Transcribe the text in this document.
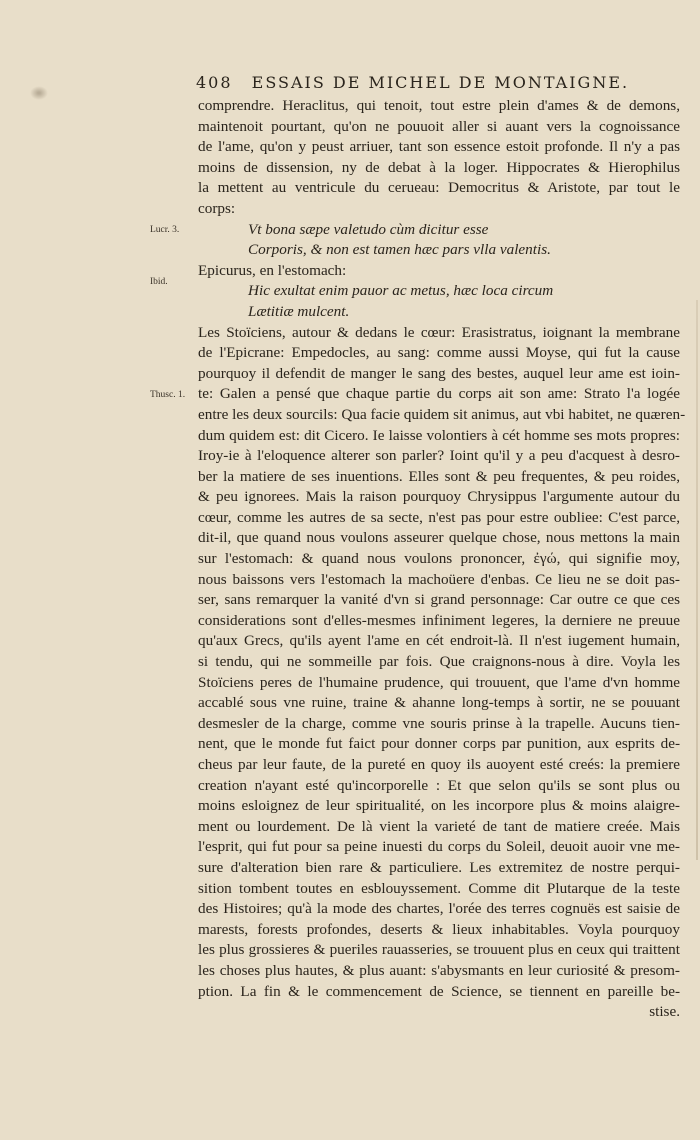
408 ESSAIS DE MICHEL DE MONTAIGNE.
Lucr. 3.
Ibid.
Thusc. 1.
comprendre. Heraclitus, qui tenoit, tout estre plein d'ames & de demons,
maintenoit pourtant, qu'on ne pouuoit aller si auant vers la cognoissance
de l'ame, qu'on y peust arriuer, tant son essence estoit profonde. Il n'y a pas
moins de dissension, ny de debat à la loger. Hippocrates & Hierophilus
la mettent au ventricule du cerueau: Democritus & Aristote, par tout le
corps:
Vt bona sæpe valetudo cùm dicitur esse
Corporis, & non est tamen hæc pars vlla valentis.
Epicurus, en l'estomach:
Hic exultat enim pauor ac metus, hæc loca circum
Lætitiæ mulcent.
Les Stoïciens, autour & dedans le cœur: Erasistratus, ioignant la membrane
de l'Epicrane: Empedocles, au sang: comme aussi Moyse, qui fut la cause
pourquoy il defendit de manger le sang des bestes, auquel leur ame est ioin-
te: Galen a pensé que chaque partie du corps ait son ame: Strato l'a logée
entre les deux sourcils: Qua facie quidem sit animus, aut vbi habitet, ne quæren-
dum quidem est: dit Cicero. Ie laisse volontiers à cét homme ses mots propres:
Iroy-ie à l'eloquence alterer son parler? Ioint qu'il y a peu d'acquest à desro-
ber la matiere de ses inuentions. Elles sont & peu frequentes, & peu roides,
& peu ignorees. Mais la raison pourquoy Chrysippus l'argumente autour du
cœur, comme les autres de sa secte, n'est pas pour estre oubliee: C'est parce,
dit-il, que quand nous voulons asseurer quelque chose, nous mettons la main
sur l'estomach: & quand nous voulons prononcer, ἐγώ, qui signifie moy,
nous baissons vers l'estomach la machoüere d'enbas. Ce lieu ne se doit pas-
ser, sans remarquer la vanité d'vn si grand personnage: Car outre ce que ces
considerations sont d'elles-mesmes infiniment legeres, la derniere ne preuue
qu'aux Grecs, qu'ils ayent l'ame en cét endroit-là. Il n'est iugement humain,
si tendu, qui ne sommeille par fois. Que craignons-nous à dire. Voyla les
Stoïciens peres de l'humaine prudence, qui trouuent, que l'ame d'vn homme
accablé sous vne ruine, traine & ahanne long-temps à sortir, ne se pouuant
desmesler de la charge, comme vne souris prinse à la trapelle. Aucuns tien-
nent, que le monde fut faict pour donner corps par punition, aux esprits de-
cheus par leur faute, de la pureté en quoy ils auoyent esté creés: la premiere
creation n'ayant esté qu'incorporelle : Et que selon qu'ils se sont plus ou
moins esloignez de leur spiritualité, on les incorpore plus & moins alaigre-
ment ou lourdement. De là vient la varieté de tant de matiere creée. Mais
l'esprit, qui fut pour sa peine inuesti du corps du Soleil, deuoit auoir vne me-
sure d'alteration bien rare & particuliere. Les extremitez de nostre perqui-
sition tombent toutes en esblouyssement. Comme dit Plutarque de la teste
des Histoires; qu'à la mode des chartes, l'orée des terres cognuës est saisie de
marests, forests profondes, deserts & lieux inhabitables. Voyla pourquoy
les plus grossieres & pueriles rauasseries, se trouuent plus en ceux qui traittent
les choses plus hautes, & plus auant: s'abysmants en leur curiosité & presom-
ption. La fin & le commencement de Science, se tiennent en pareille be-
stise.
